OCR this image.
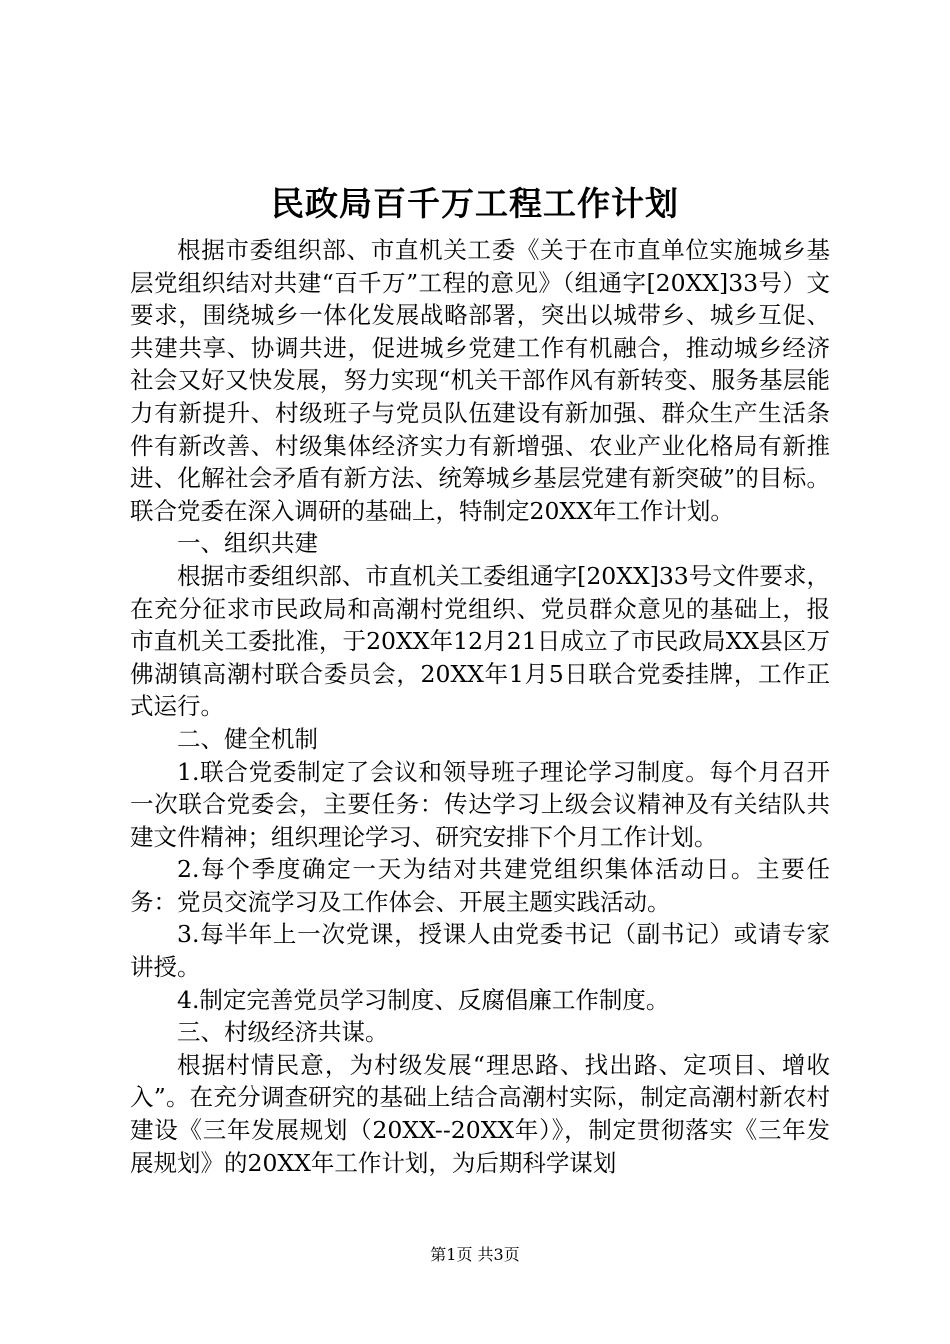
民政局百千万工程工作计划

根据市委组织部、市直机关工委《关于在市直单位实施城乡基层党组织结对共建“百千万”工程的意见》（组通字[20XX]33号）文要求，围绕城乡一体化发展战略部署，突出以城带乡、城乡互促、共建共享、协调共进，促进城乡党建工作有机融合，推动城乡经济社会又好又快发展，努力实现“机关干部作风有新转变、服务基层能力有新提升、村级班子与党员队伍建设有新加强、群众生产生活条件有新改善、村级集体经济实力有新增强、农业产业化格局有新推进、化解社会矛盾有新方法、统筹城乡基层党建有新突破”的目标。联合党委在深入调研的基础上，特制定20XX年工作计划。

一、组织共建

根据市委组织部、市直机关工委组通字[20XX]33号文件要求，在充分征求市民政局和高潮村党组织、党员群众意见的基础上，报市直机关工委批准，于20XX年12月21日成立了市民政局XX县区万佛湖镇高潮村联合委员会，20XX年1月5日联合党委挂牌，工作正式运行。

二、健全机制

1.联合党委制定了会议和领导班子理论学习制度。每个月召开一次联合党委会，主要任务：传达学习上级会议精神及有关结队共建文件精神；组织理论学习、研究安排下个月工作计划。

2.每个季度确定一天为结对共建党组织集体活动日。主要任务：党员交流学习及工作体会、开展主题实践活动。

3.每半年上一次党课，授课人由党委书记（副书记）或请专家讲授。

4.制定完善党员学习制度、反腐倡廉工作制度。

三、村级经济共谋。

根据村情民意，为村级发展“理思路、找出路、定项目、增收入”。在充分调查研究的基础上结合高潮村实际，制定高潮村新农村建设《三年发展规划（20XX--20XX年）》，制定贯彻落实《三年发展规划》的20XX年工作计划，为后期科学谋划

第1页 共3页
